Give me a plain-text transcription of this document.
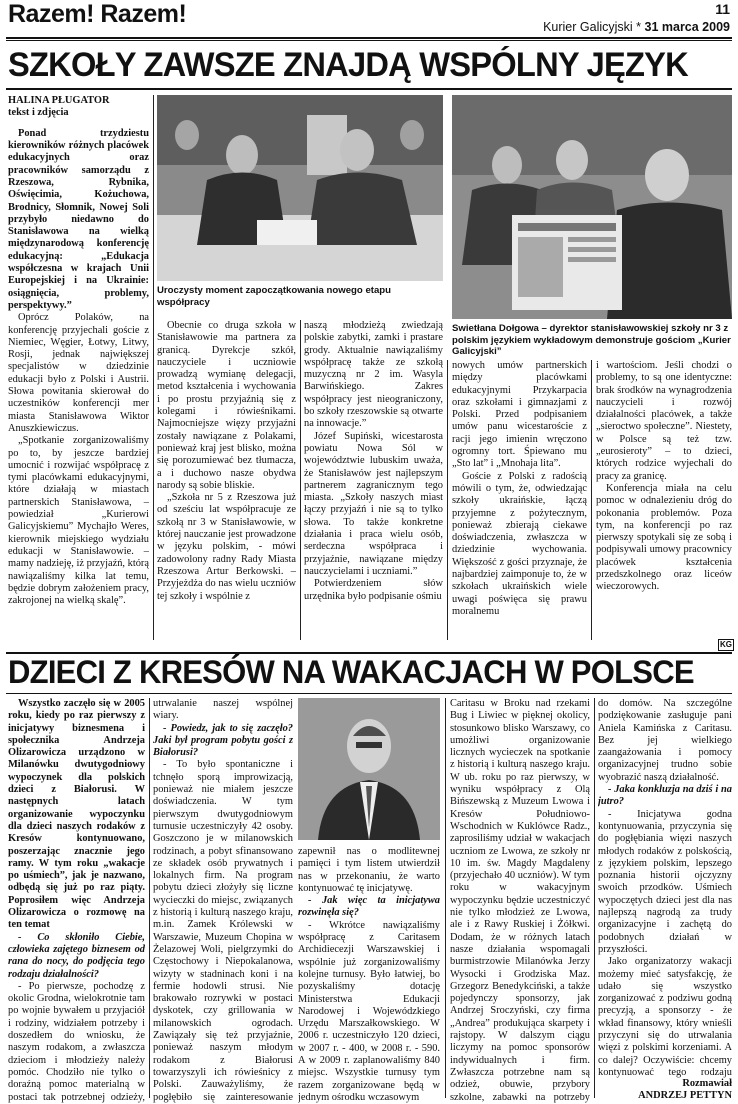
Razem! Razem!	11
Kurier Galicyjski * 31 marca 2009
SZKOŁY ZAWSZE ZNAJDĄ WSPÓLNY JĘZYK

HALINA PŁUGATOR

tekst i zdjęcia

Ponad trzydziestu kierowników różnych placówek edukacyjnych oraz pracowników samorządu z Rzeszowa, Rybnika, Oświęcimia, Kożuchowa, Brodnicy, Słomnik, Nowej Soli przybyło niedawno do Stanisławowa na wielką międzynarodową konferencję edukacyjną: „Edukacja współczesna w krajach Unii Europejskiej i na Ukrainie: osiągnięcia, problemy, perspektywy.”

Oprócz Polaków, na konferencję przyjechali goście z Niemiec, Węgier, Łotwy, Litwy, Rosji, jednak największej specjalistów w dziedzinie edukacji było z Polski i Austrii. Słowa powitania skierował do uczestników konferencji mer miasta Stanisławowa Wiktor Anuszkiewiczus.

„Spotkanie zorganizowaliśmy po to, by jeszcze bardziej umocnić i rozwijać współpracę z tymi placówkami edukacyjnymi, które działają w miastach partnerskich Stanisławowa, – powiedział „Kurierowi Galicyjskiemu” Mychajło Weres, kierownik miejskiego wydziału edukacji w Stanisławowie. – mamy nadzieję, iż przyjaźń, którą nawiązaliśmy kilka lat temu, będzie dobrym założeniem pracy, zakrojonej na wielką skalę”.

Uroczysty moment zapoczątkowania nowego etapu współpracy
Swietłana Dołgowa – dyrektor stanisławowskiej szkoły nr 3 z polskim językiem wykładowym demonstruje gościom „Kurier Galicyjski”

Obecnie co druga szkoła w Stanisławowie ma partnera za granicą. Dyrekcje szkół, nauczyciele i uczniowie prowadzą wymianę delegacji, metod kształcenia i wychowania i po prostu przyjaźnią się z kolegami i rówieśnikami. Najmocniejsze więzy przyjaźni zostały nawiązane z Polakami, ponieważ kraj jest blisko, można się porozumiewać bez tłumacza, a i duchowo nasze obydwa narody są sobie bliskie.

„Szkoła nr 5 z Rzeszowa już od sześciu lat współpracuje ze szkołą nr 3 w Stanisławowie, w której nauczanie jest prowadzone w języku polskim, - mówi zadowolony radny Rady Miasta Rzeszowa Artur Berkowski. – Przyjeżdża do nas wielu uczniów tej szkoły i wspólnie z

naszą młodzieżą zwiedzają polskie zabytki, zamki i prastare grody. Aktualnie nawiązaliśmy współpracę także ze szkołą muzyczną nr 2 im. Wasyla Barwińskiego. Zakres współpracy jest nieograniczony, bo szkoły rzeszowskie są otwarte na innowacje.”

Józef Supiński, wicestarosta powiatu Nowa Sól w województwie lubuskim uważa, że Stanisławów jest najlepszym partnerem zagranicznym tego miasta. „Szkoły naszych miast łączy przyjaźń i nie są to tylko słowa. To także konkretne działania i praca wielu osób, serdeczna współpraca i przyjaźnie, nawiązane między nauczycielami i uczniami.”

Potwierdzeniem słów urzędnika było podpisanie ośmiu

nowych umów partnerskich między placówkami edukacyjnymi Przykarpacia oraz szkołami i gimnazjami z Polski. Przed podpisaniem umów panu wicestaroście z racji jego imienin wręczono ogromny tort. Śpiewano mu „Sto lat” i „Mnohaja lita”.

Goście z Polski z radością mówili o tym, że, odwiedzając szkoły ukraińskie, łączą przyjemne z pożytecznym, ponieważ zbierają ciekawe doświadczenia, zwłaszcza w dziedzinie wychowania. Większość z gości przyznaje, że najbardziej zaimponuje to, że w szkołach ukraińskich wiele uwagi poświęca się prawu moralnemu

i wartościom. Jeśli chodzi o problemy, to są one identyczne: brak środków na wynagrodzenia nauczycieli i rozwój działalności placówek, a także „sieroctwo społeczne”. Niestety, w Polsce są też tzw. „eurosieroty” – to dzieci, których rodzice wyjechali do pracy za granicę.

Konferencja miała na celu pomoc w odnalezieniu dróg do pokonania problemów. Poza tym, na konferencji po raz pierwszy spotykali się ze sobą i podpisywali umowy pracownicy placówek kształcenia przedszkolnego oraz liceów wieczorowych.

KG
DZIECI Z KRESÓW NA WAKACJACH W POLSCE

Wszystko zaczęło się w 2005 roku, kiedy po raz pierwszy z inicjatywy biznesmena i społecznika Andrzeja Olizarowicza urządzono w Milanówku dwutygodniowy wypoczynek dla polskich dzieci z Białorusi. W następnych latach organizowanie wypoczynku dla dzieci naszych rodaków z Kresów kontynuowano, poszerzając znacznie jego ramy. W tym roku „wakacje po uśmiech”, jak je nazwano, odbędą się już po raz piąty. Poprosiłem więc Andrzeja Olizarowicza o rozmowę na ten temat

- Co skłoniło Ciebie, człowieka zajętego biznesem od rana do nocy, do podjęcia tego rodzaju działalności?

- Po pierwsze, pochodzę z okolic Grodna, wielokrotnie tam po wojnie bywałem u przyjaciół i rodziny, widziałem potrzeby i doszedłem do wniosku, że naszym rodakom, a zwłaszcza dzieciom i młodzieży należy pomóc. Chodziło nie tylko o doraźną pomoc materialną w postaci tak potrzebnej odzieży,

utrwalanie naszej wspólnej wiary.

- Powiedz, jak to się zaczęło? Jaki był program pobytu gości z Białorusi?

- To było spontaniczne i tchnęło sporą improwizacją, ponieważ nie miałem jeszcze doświadczenia. W tym pierwszym dwutygodniowym turnusie uczestniczyły 42 osoby. Goszczono je w milanowskich rodzinach, a pobyt sfinansowano ze składek osób prywatnych i lokalnych firm. Na program pobytu dzieci złożyły się liczne wycieczki do miejsc, związanych z historią i kulturą naszego kraju, m.in. Zamek Królewski w Warszawie, Muzeum Chopina w Żelazowej Woli, pielgrzymki do Częstochowy i Niepokalanowa, wizyty w stadninach koni i na fermie hodowli strusi. Nie brakowało rozrywki w postaci dyskotek, czy grillowania w milanowskich ogrodach. Zawiązały się też przyjaźnie, ponieważ naszym młodym rodakom z Białorusi towarzyszyli ich rówieśnicy z Polski. Zauważyliśmy, że pogłębiło się zainteresowanie

zapewnił nas o modlitewnej pamięci i tym listem utwierdził nas w przekonaniu, że warto kontynuować tę inicjatywę.

- Jak więc ta inicjatywa rozwinęła się?

- Wkrótce nawiązaliśmy współpracę z Caritasem Archidiecezji Warszawskiej i wspólnie już zorganizowaliśmy kolejne turnusy. Było łatwiej, bo pozyskaliśmy dotację Ministerstwa Edukacji Narodowej i Wojewódzkiego Urzędu Marszałkowskiego. W 2006 r. uczestniczyło 120 dzieci, w 2007 r. - 400, w 2008 r. - 590. A w 2009 r. zaplanowaliśmy 840 miejsc. Wszystkie turnusy tym razem zorganizowane będą w jednym ośrodku wczasowym

Caritasu w Broku nad rzekami Bug i Liwiec w pięknej okolicy, stosunkowo blisko Warszawy, co umożliwi organizowanie licznych wycieczek na spotkanie z historią i kulturą naszego kraju. W ub. roku po raz pierwszy, w wyniku współpracy z Olą Bińszewską z Muzeum Lwowa i Kresów Południowo-Wschodnich w Kuklówce Radz., zaprosiliśmy udział w wakacjach uczniom ze Lwowa, ze szkoły nr 10 im. św. Magdy Magdaleny (przyjechało 40 uczniów). W tym roku w wakacyjnym wypoczynku będzie uczestniczyć nie tylko młodzież ze Lwowa, ale i z Rawy Ruskiej i Żółkwi. Dodam, że w różnych latach nasze działania wspomagali burmistrzowie Milanówka Jerzy Wysocki i Grodziska Maz. Grzegorz Benedykciński, a także pojedynczy sponsorzy, jak Andrzej Sroczyński, czy firma „Andrea” produkująca skarpety i rajstopy. W dalszym ciągu liczymy na pomoc sponsorów indywidualnych i firm. Zwłaszcza potrzebne nam są odzież, obuwie, przybory szkolne, zabawki na potrzeby

do domów. Na szczególne podziękowanie zasługuje pani Aniela Kamińska z Caritasu. Bez jej wielkiego zaangażowania i pomocy organizacyjnej trudno sobie wyobrazić naszą działalność.

- Jaka konkluzja na dziś i na jutro?

- Inicjatywa godna kontynuowania, przyczynia się do pogłębiania więzi naszych młodych rodaków z polskością, z językiem polskim, lepszego poznania historii ojczyzny swoich przodków. Uśmiech wypoczętych dzieci jest dla nas najlepszą nagrodą za trudy organizacyjne i zachętą do podobnych działań w przyszłości.

Jako organizatorzy wakacji możemy mieć satysfakcję, że udało się wszystko zorganizować z podziwu godną precyzją, a sponsorzy - że wkład finansowy, który wnieśli przyczyni się do utrwalania więzi z polskimi korzeniami. A co dalej? Oczywiście: chcemy kontynuować tego rodzaju

Rozmawiał
ANDRZEJ PETTYN
